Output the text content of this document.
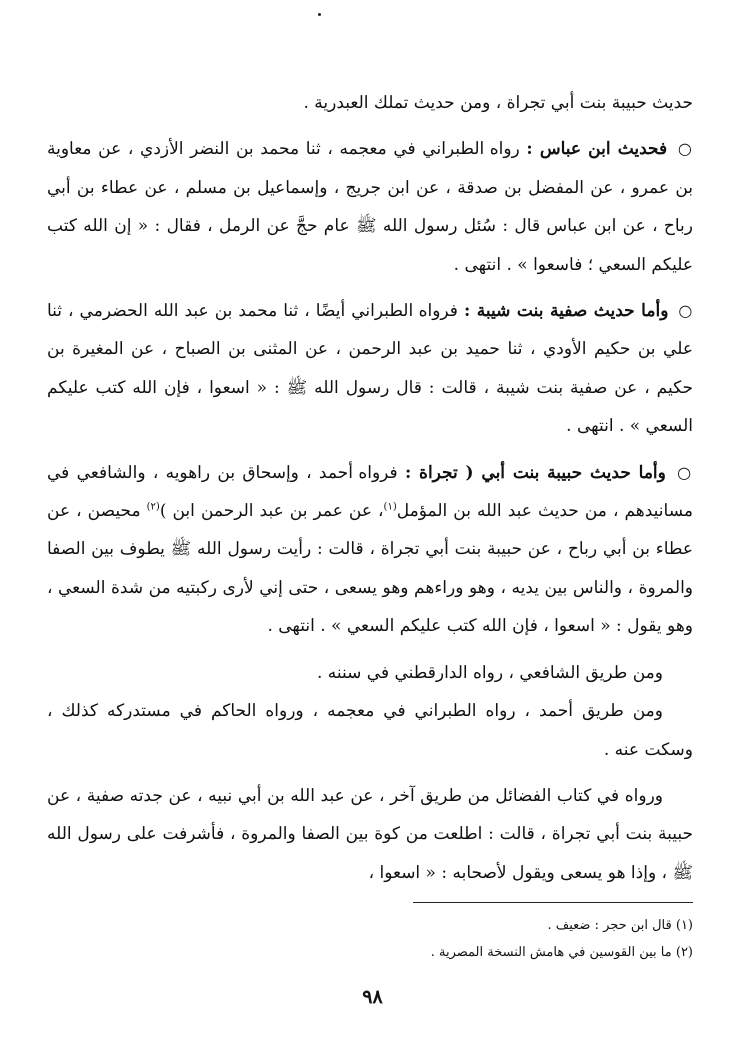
حديث حبيبة بنت أبي تجراة ، ومن حديث تملك العبدرية .

○ فحديث ابن عباس : رواه الطبراني في معجمه ، ثنا محمد بن النضر الأزدي ، عن معاوية بن عمرو ، عن المفضل بن صدقة ، عن ابن جريج ، وإسماعيل بن مسلم ، عن عطاء بن أبي رباح ، عن ابن عباس قال : سُئل رسول الله ﷺ عام حجَّ عن الرمل ، فقال : « إن الله كتب عليكم السعي ؛ فاسعوا » . انتهى .

○ وأما حديث صفية بنت شيبة : فرواه الطبراني أيضًا ، ثنا محمد بن عبد الله الحضرمي ، ثنا علي بن حكيم الأودي ، ثنا حميد بن عبد الرحمن ، عن المثنى بن الصباح ، عن المغيرة بن حكيم ، عن صفية بنت شيبة ، قالت : قال رسول الله ﷺ : « اسعوا ، فإن الله كتب عليكم السعي » . انتهى .

○ وأما حديث حبيبة بنت أبي ( تجراة : فرواه أحمد ، وإسحاق بن راهويه ، والشافعي في مسانيدهم ، من حديث عبد الله بن المؤمل$^{(١)}$، عن عمر بن عبد الرحمن ابن )$^{(٢)}$ محيصن ، عن عطاء بن أبي رباح ، عن حبيبة بنت أبي تجراة ، قالت : رأيت رسول الله ﷺ يطوف بين الصفا والمروة ، والناس بين يديه ، وهو وراءهم وهو يسعى ، حتى إني لأرى ركبتيه من شدة السعي ، وهو يقول : « اسعوا ، فإن الله كتب عليكم السعي » . انتهى .

ومن طريق الشافعي ، رواه الدارقطني في سننه .

ومن طريق أحمد ، رواه الطبراني في معجمه ، ورواه الحاكم في مستدركه كذلك ، وسكت عنه .

ورواه في كتاب الفضائل من طريق آخر ، عن عبد الله بن أبي نبيه ، عن جدته صفية ، عن حبيبة بنت أبي تجراة ، قالت : اطلعت من كوة بين الصفا والمروة ، فأشرفت على رسول الله ﷺ ، وإذا هو يسعى ويقول لأصحابه : « اسعوا ،

(١) قال ابن حجر : ضعيف .

(٢) ما بين القوسين في هامش النسخة المصرية .

٩٨
